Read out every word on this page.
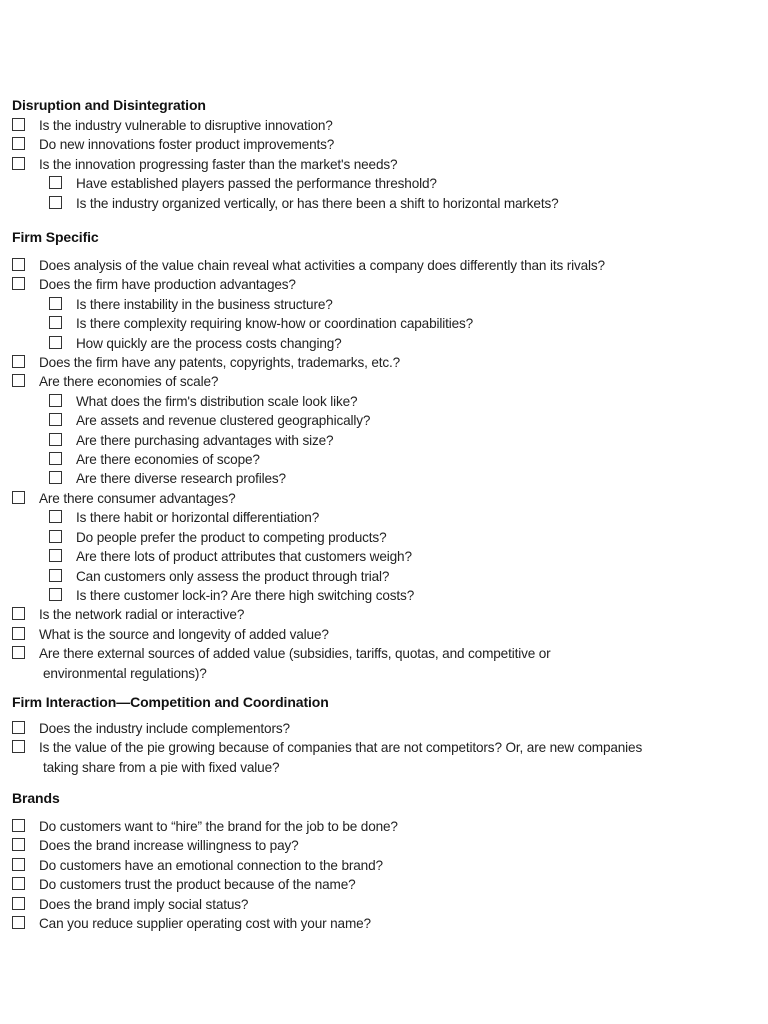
Disruption and Disintegration
Is the industry vulnerable to disruptive innovation?
Do new innovations foster product improvements?
Is the innovation progressing faster than the market's needs?
Have established players passed the performance threshold?
Is the industry organized vertically, or has there been a shift to horizontal markets?
Firm Specific
Does analysis of the value chain reveal what activities a company does differently than its rivals?
Does the firm have production advantages?
Is there instability in the business structure?
Is there complexity requiring know-how or coordination capabilities?
How quickly are the process costs changing?
Does the firm have any patents, copyrights, trademarks, etc.?
Are there economies of scale?
What does the firm's distribution scale look like?
Are assets and revenue clustered geographically?
Are there purchasing advantages with size?
Are there economies of scope?
Are there diverse research profiles?
Are there consumer advantages?
Is there habit or horizontal differentiation?
Do people prefer the product to competing products?
Are there lots of product attributes that customers weigh?
Can customers only assess the product through trial?
Is there customer lock-in? Are there high switching costs?
Is the network radial or interactive?
What is the source and longevity of added value?
Are there external sources of added value (subsidies, tariffs, quotas, and competitive or
environmental regulations)?
Firm Interaction—Competition and Coordination
Does the industry include complementors?
Is the value of the pie growing because of companies that are not competitors? Or, are new companies
taking share from a pie with fixed value?
Brands
Do customers want to “hire” the brand for the job to be done?
Does the brand increase willingness to pay?
Do customers have an emotional connection to the brand?
Do customers trust the product because of the name?
Does the brand imply social status?
Can you reduce supplier operating cost with your name?
